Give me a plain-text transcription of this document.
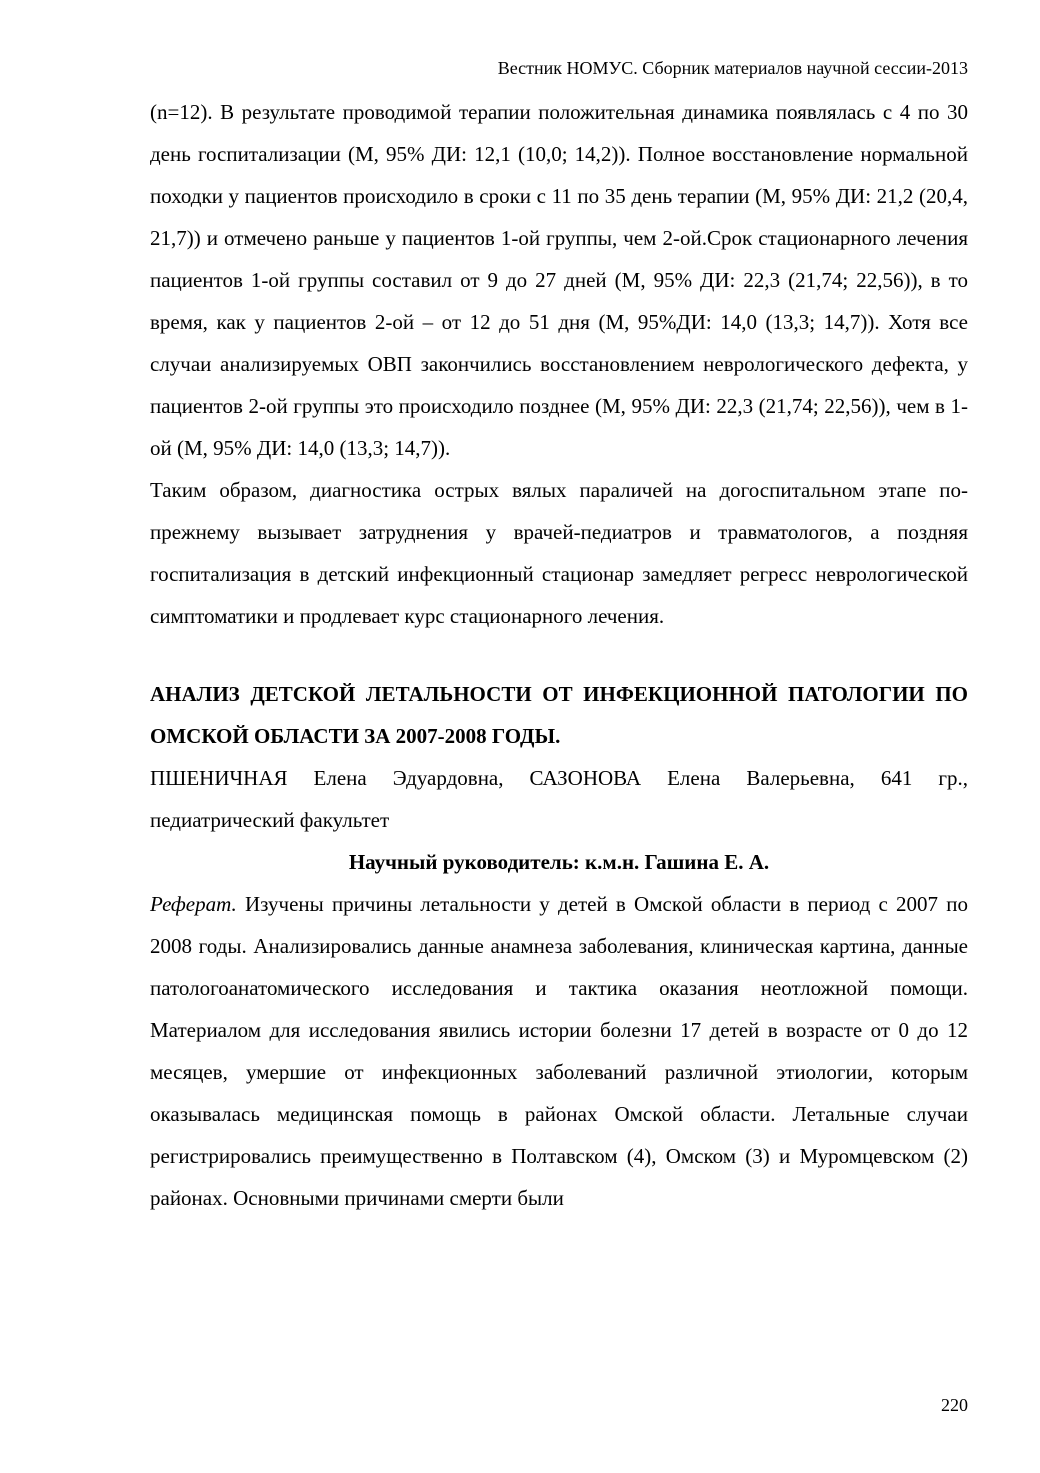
Вестник НОМУС. Сборник материалов научной сессии-2013

(n=12). В результате проводимой терапии положительная динамика появлялась с 4 по 30 день госпитализации (М, 95% ДИ: 12,1 (10,0; 14,2)). Полное восстановление нормальной походки у пациентов происходило в сроки с 11 по 35 день терапии (М, 95% ДИ: 21,2 (20,4, 21,7)) и отмечено раньше у пациентов 1-ой группы, чем 2-ой.Срок стационарного лечения пациентов 1-ой группы составил от 9 до 27 дней (М, 95% ДИ: 22,3 (21,74; 22,56)), в то время, как у пациентов 2-ой – от 12 до 51 дня (М, 95%ДИ: 14,0 (13,3; 14,7)). Хотя все случаи анализируемых ОВП закончились восстановлением неврологического дефекта, у пациентов 2-ой группы это происходило позднее (М, 95% ДИ: 22,3 (21,74; 22,56)), чем в 1-ой (М, 95% ДИ: 14,0 (13,3; 14,7)).

Таким образом, диагностика острых вялых параличей на догоспитальном этапе по-прежнему вызывает затруднения у врачей-педиатров и травматологов, а поздняя госпитализация в детский инфекционный стационар замедляет регресс неврологической симптоматики и продлевает курс стационарного лечения.

АНАЛИЗ ДЕТСКОЙ ЛЕТАЛЬНОСТИ ОТ ИНФЕКЦИОННОЙ ПАТОЛОГИИ ПО ОМСКОЙ ОБЛАСТИ ЗА 2007-2008 ГОДЫ.

ПШЕНИЧНАЯ Елена Эдуардовна, САЗОНОВА Елена Валерьевна, 641 гр., педиатрический факультет

Научный руководитель: к.м.н. Гашина Е. А.

Реферат. Изучены причины летальности у детей в Омской области в период с 2007 по 2008 годы. Анализировались данные анамнеза заболевания, клиническая картина, данные патологоанатомического исследования и тактика оказания неотложной помощи. Материалом для исследования явились истории болезни 17 детей в возрасте от 0 до 12 месяцев, умершие от инфекционных заболеваний различной этиологии, которым оказывалась медицинская помощь в районах Омской области. Летальные случаи регистрировались преимущественно в Полтавском (4), Омском (3) и Муромцевском (2) районах. Основными причинами смерти были

220
